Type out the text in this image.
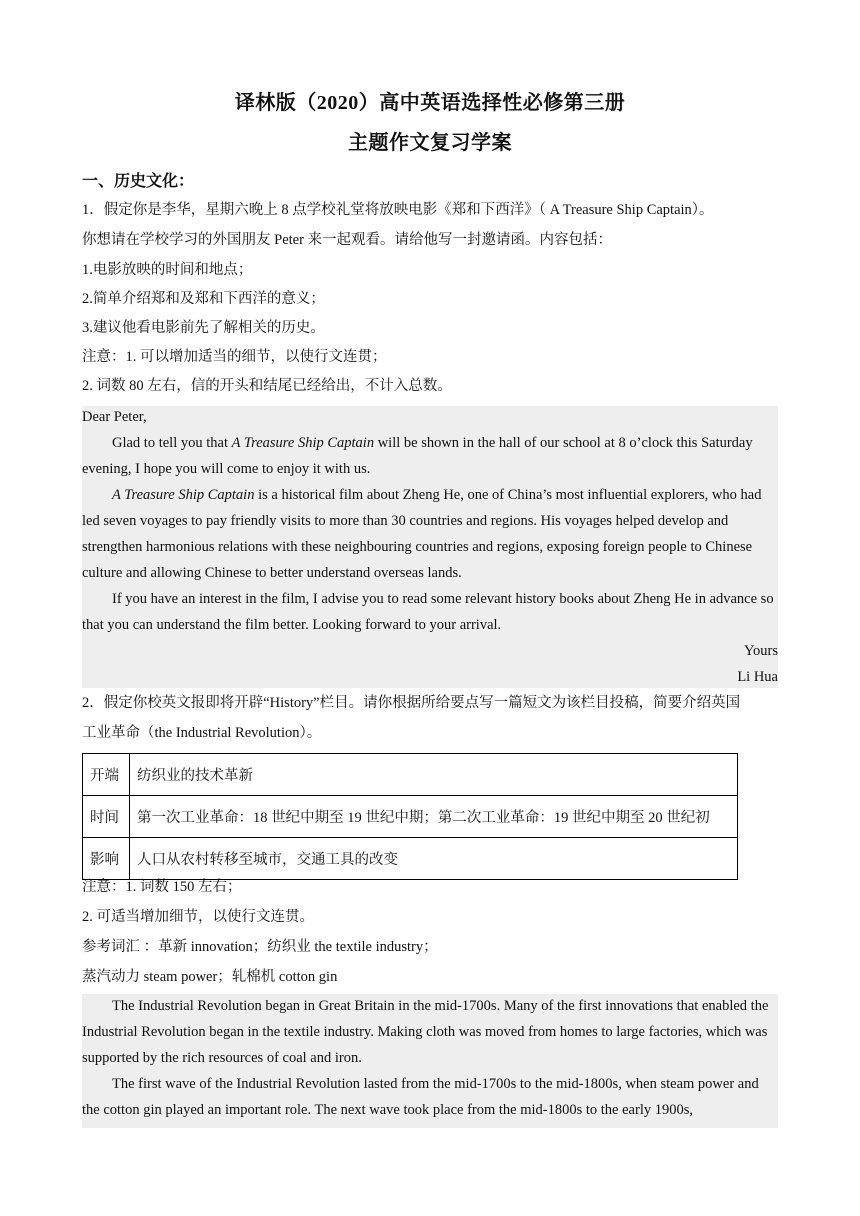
译林版（2020）高中英语选择性必修第三册
主题作文复习学案
一、历史文化：
1．假定你是李华，星期六晚上 8 点学校礼堂将放映电影《郑和下西洋》（ A Treasure Ship Captain）。
你想请在学校学习的外国朋友 Peter 来一起观看。请给他写一封邀请函。内容包括：
1.电影放映的时间和地点；
2.简单介绍郑和及郑和下西洋的意义；
3.建议他看电影前先了解相关的历史。
注意：1. 可以增加适当的细节，以使行文连贯；
2. 词数 80 左右，信的开头和结尾已经给出，不计入总数。

Dear Peter,

Glad to tell you that A Treasure Ship Captain will be shown in the hall of our school at 8 o’clock this Saturday evening, I hope you will come to enjoy it with us.

A Treasure Ship Captain is a historical film about Zheng He, one of China’s most influential explorers, who had led seven voyages to pay friendly visits to more than 30 countries and regions. His voyages helped develop and strengthen harmonious relations with these neighbouring countries and regions, exposing foreign people to Chinese culture and allowing Chinese to better understand overseas lands.

If you have an interest in the film, I advise you to read some relevant history books about Zheng He in advance so that you can understand the film better. Looking forward to your arrival.

Yours

Li Hua

2．假定你校英文报即将开辟“History”栏目。请你根据所给要点写一篇短文为该栏目投稿，简要介绍英国
工业革命（the Industrial Revolution）。
开端	纺织业的技术革新
时间	第一次工业革命：18 世纪中期至 19 世纪中期；第二次工业革命：19 世纪中期至 20 世纪初
影响	人口从农村转移至城市，交通工具的改变
注意：1. 词数 150 左右；
2. 可适当增加细节，以使行文连贯。
参考词汇 ：革新 innovation；纺织业 the textile industry；
蒸汽动力 steam power；轧棉机 cotton gin

The Industrial Revolution began in Great Britain in the mid-1700s. Many of the first innovations that enabled the Industrial Revolution began in the textile industry. Making cloth was moved from homes to large factories, which was supported by the rich resources of coal and iron.

The first wave of the Industrial Revolution lasted from the mid-1700s to the mid-1800s, when steam power and the cotton gin played an important role. The next wave took place from the mid-1800s to the early 1900s,
